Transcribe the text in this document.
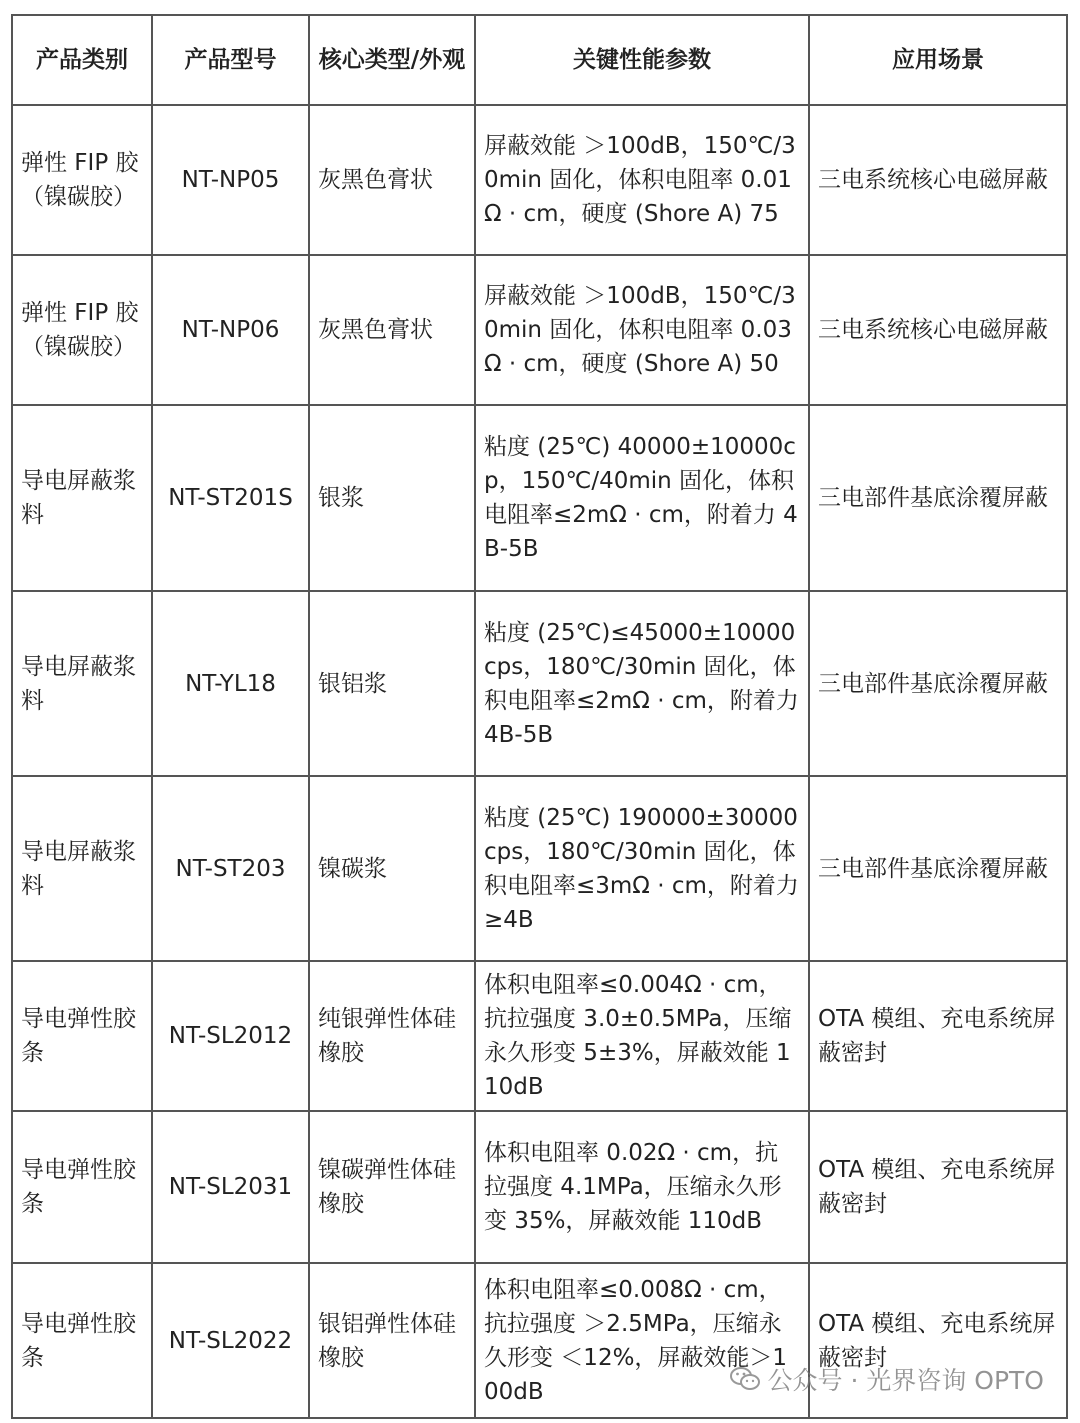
产品类别	产品型号	核心类型/外观	关键性能参数	应用场景
弹性 FIP 胶（镍碳胶）	NT-NP05	灰黑色膏状	屏蔽效能 ＞100dB，150℃/30min 固化，体积电阻率 0.01Ω · cm，硬度 (Shore A) 75	三电系统核心电磁屏蔽
弹性 FIP 胶（镍碳胶）	NT-NP06	灰黑色膏状	屏蔽效能 ＞100dB，150℃/30min 固化，体积电阻率 0.03Ω · cm，硬度 (Shore A) 50	三电系统核心电磁屏蔽
导电屏蔽浆料	NT-ST201S	银浆	粘度 (25℃) 40000±10000cp，150℃/40min 固化，体积电阻率≤2mΩ · cm，附着力 4B-5B	三电部件基底涂覆屏蔽
导电屏蔽浆料	NT-YL18	银铝浆	粘度 (25℃)≤45000±10000cps，180℃/30min 固化，体积电阻率≤2mΩ · cm，附着力 4B-5B	三电部件基底涂覆屏蔽
导电屏蔽浆料	NT-ST203	镍碳浆	粘度 (25℃) 190000±30000cps，180℃/30min 固化，体积电阻率≤3mΩ · cm，附着力 ≥4B	三电部件基底涂覆屏蔽
导电弹性胶条	NT-SL2012	纯银弹性体硅橡胶	体积电阻率≤0.004Ω · cm，抗拉强度 3.0±0.5MPa，压缩永久形变 5±3%，屏蔽效能 110dB	OTA 模组、充电系统屏蔽密封
导电弹性胶条	NT-SL2031	镍碳弹性体硅橡胶	体积电阻率 0.02Ω · cm，抗拉强度 4.1MPa，压缩永久形变 35%，屏蔽效能 110dB	OTA 模组、充电系统屏蔽密封
导电弹性胶条	NT-SL2022	银铝弹性体硅橡胶	体积电阻率≤0.008Ω · cm，抗拉强度 ＞2.5MPa，压缩永久形变 ＜12%，屏蔽效能＞100dB	OTA 模组、充电系统屏蔽密封
公众号 · 光界咨询 OPTO
